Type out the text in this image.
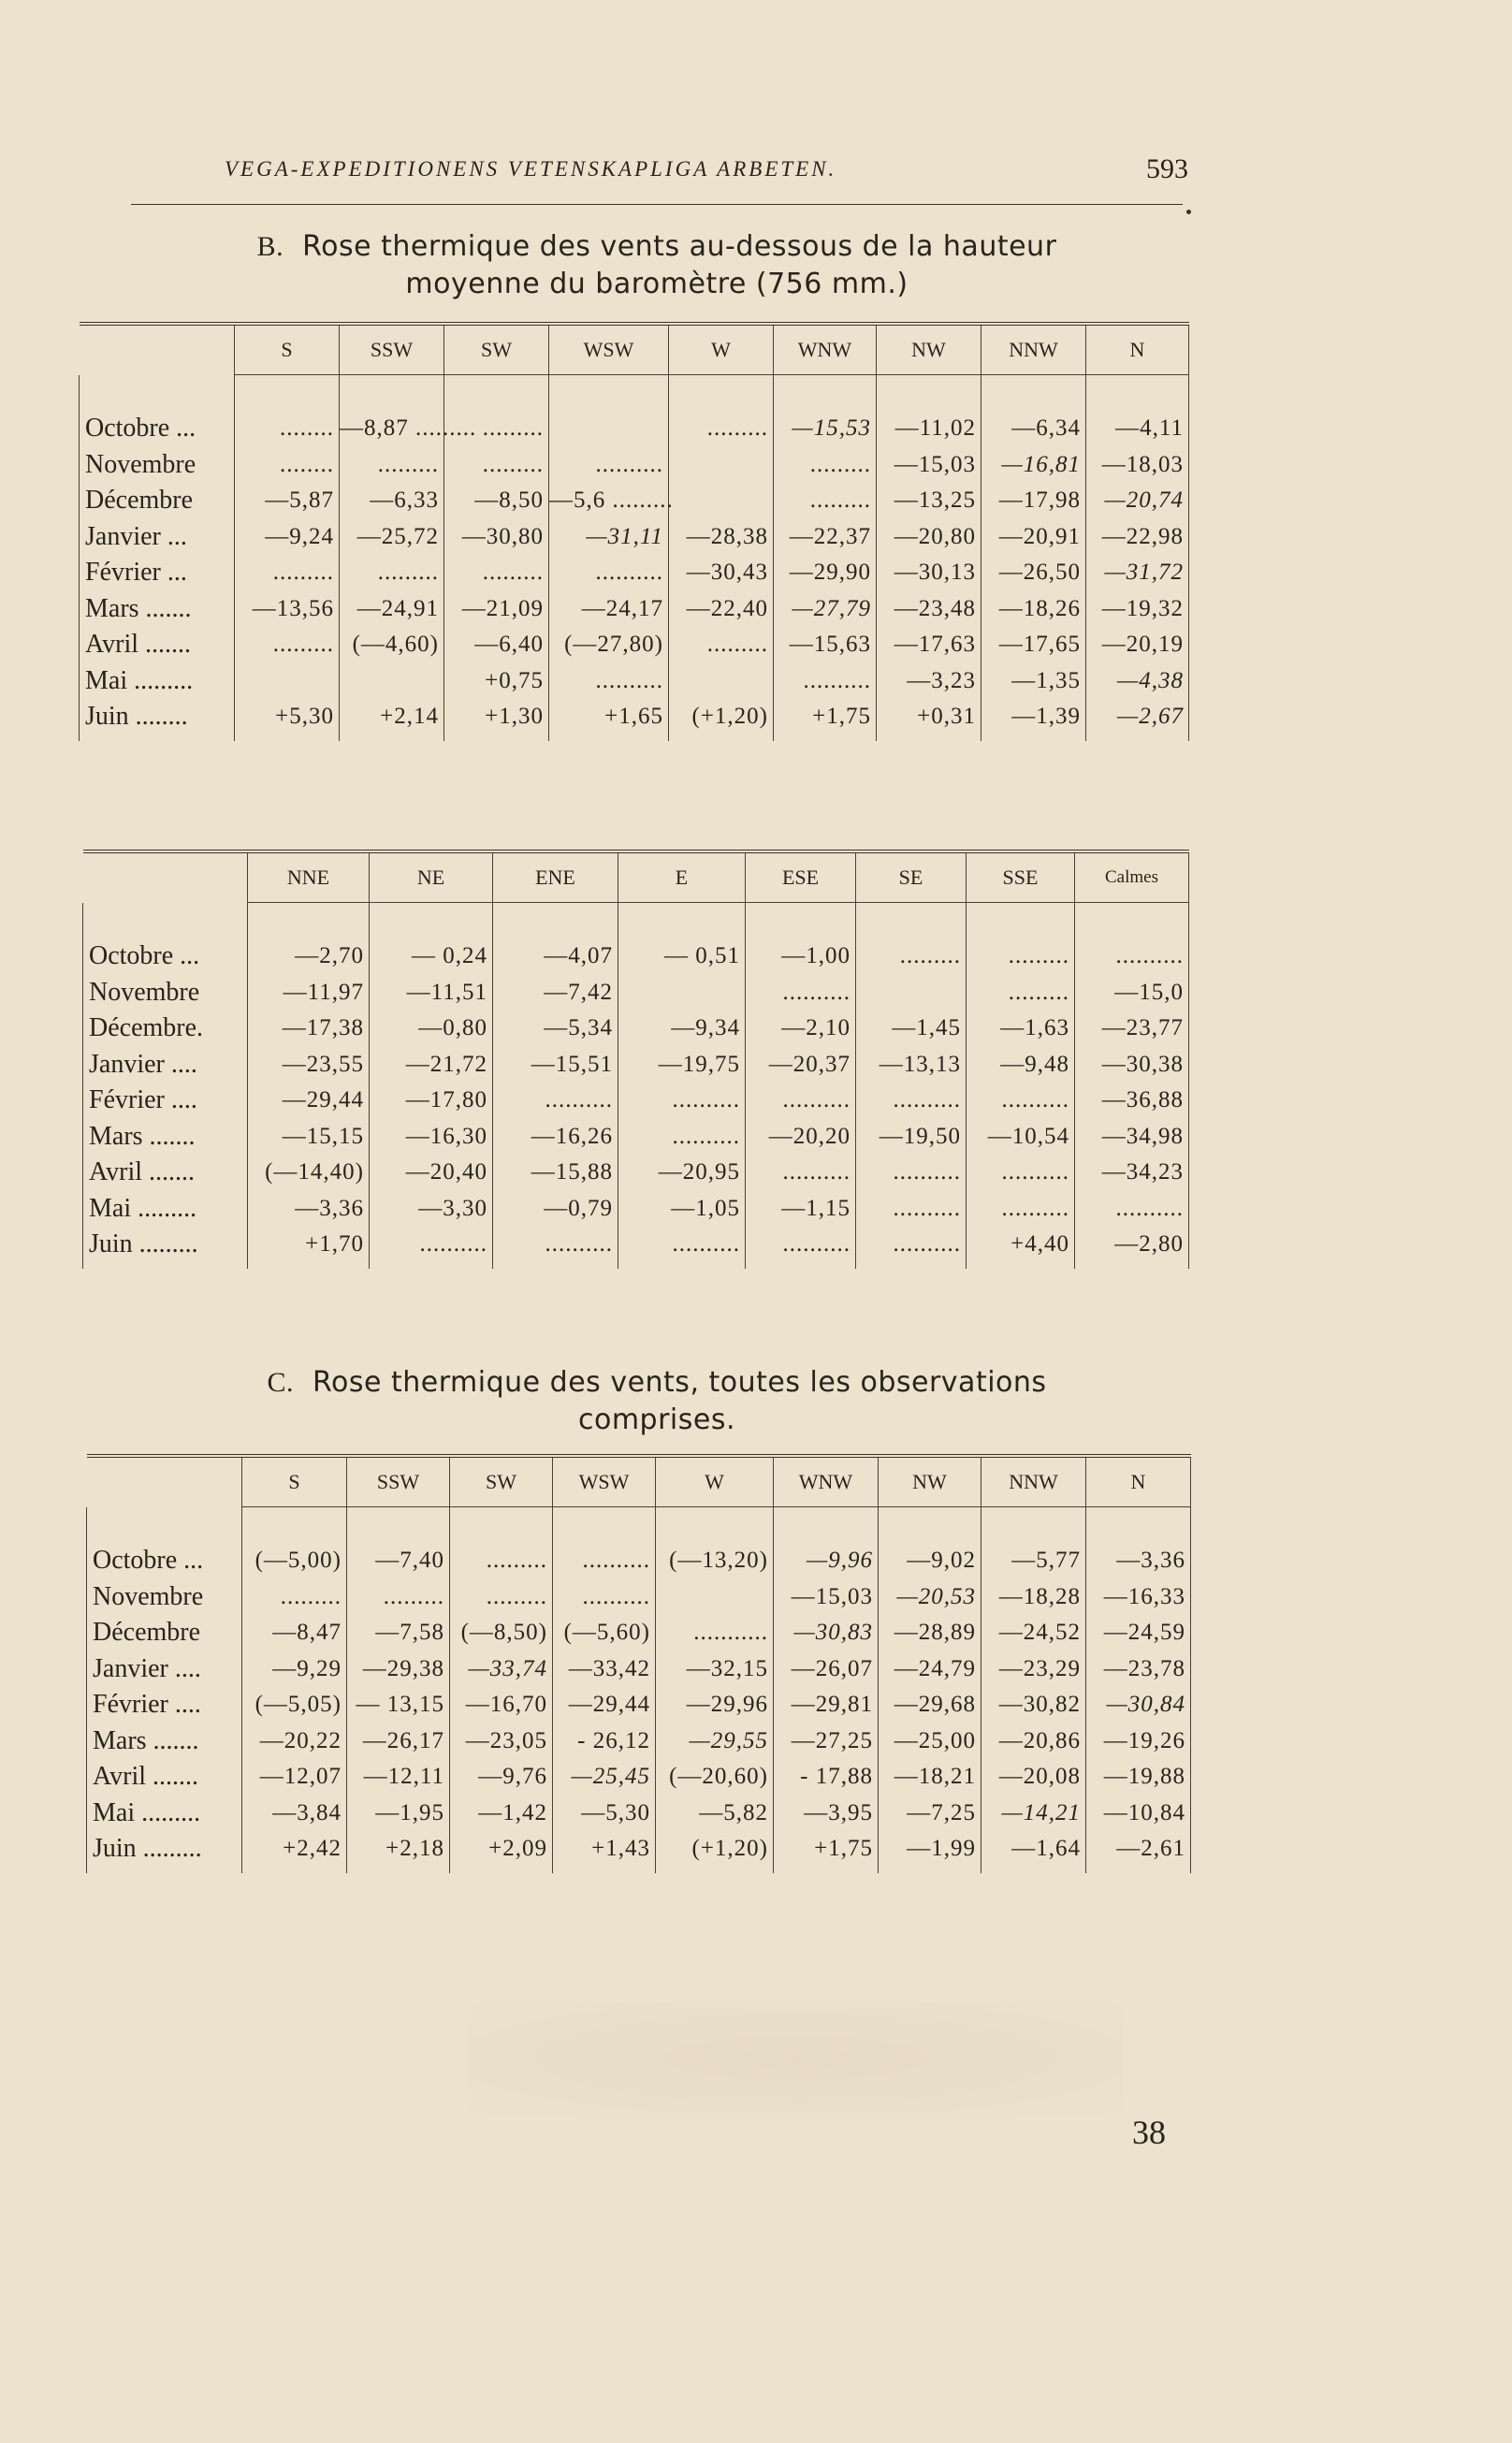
VEGA-EXPEDITIONENS VETENSKAPLIGA ARBETEN.	593
B. Rose thermique des vents au-dessous de la hauteur
moyenne du baromètre (756 mm.)
	S	SSW	SW	WSW	W	WNW	NW	NNW	N	
Octobre ...	........	—8,87 .........	.........		.........	—15,53	—11,02	—6,34	—4,11	
Novembre	........	.........	.........	..........		.........	—15,03	—16,81	—18,03	
Décembre	—5,87	—6,33	—8,50	—5,6 .........		.........	—13,25	—17,98	—20,74	
Janvier ...	—9,24	—25,72	—30,80	—31,11	—28,38	—22,37	—20,80	—20,91	—22,98	
Février ...	.........	.........	.........	..........	—30,43	—29,90	—30,13	—26,50	—31,72	
Mars .......	—13,56	—24,91	—21,09	—24,17	—22,40	—27,79	—23,48	—18,26	—19,32	
Avril .......	.........	(—4,60)	—6,40	(—27,80)	.........	—15,63	—17,63	—17,65	—20,19	
Mai .........			+0,75	..........		..........	—3,23	—1,35	—4,38	
Juin ........	+5,30	+2,14	+1,30	+1,65	(+1,20)	+1,75	+0,31	—1,39	—2,67	
	NNE	NE	ENE	E	ESE	SE	SSE	Calmes
Octobre ...	—2,70	— 0,24	—4,07	— 0,51	—1,00	.........	.........	..........
Novembre	—11,97	—11,51	—7,42		..........		.........	—15,0
Décembre.	—17,38	—0,80	—5,34	—9,34	—2,10	—1,45	—1,63	—23,77
Janvier ....	—23,55	—21,72	—15,51	—19,75	—20,37	—13,13	—9,48	—30,38
Février ....	—29,44	—17,80	..........	..........	..........	..........	..........	—36,88
Mars .......	—15,15	—16,30	—16,26	..........	—20,20	—19,50	—10,54	—34,98
Avril .......	(—14,40)	—20,40	—15,88	—20,95	..........	..........	..........	—34,23
Mai .........	—3,36	—3,30	—0,79	—1,05	—1,15	..........	..........	..........
Juin .........	+1,70	..........	..........	..........	..........	..........	+4,40	—2,80
C. Rose thermique des vents, toutes les observations
comprises.
	S	SSW	SW	WSW	W	WNW	NW	NNW	N
Octobre ...	(—5,00)	—7,40	.........	..........	(—13,20)	—9,96	—9,02	—5,77	—3,36
Novembre	.........	.........	.........	..........		—15,03	—20,53	—18,28	—16,33
Décembre	—8,47	—7,58	(—8,50)	(—5,60)	...........	—30,83	—28,89	—24,52	—24,59
Janvier ....	—9,29	—29,38	—33,74	—33,42	—32,15	—26,07	—24,79	—23,29	—23,78
Février ....	(—5,05)	— 13,15	—16,70	—29,44	—29,96	—29,81	—29,68	—30,82	—30,84
Mars .......	—20,22	—26,17	—23,05	- 26,12	—29,55	—27,25	—25,00	—20,86	—19,26
Avril .......	—12,07	—12,11	—9,76	—25,45	(—20,60)	- 17,88	—18,21	—20,08	—19,88
Mai .........	—3,84	—1,95	—1,42	—5,30	—5,82	—3,95	—7,25	—14,21	—10,84
Juin .........	+2,42	+2,18	+2,09	+1,43	(+1,20)	+1,75	—1,99	—1,64	—2,61
38
